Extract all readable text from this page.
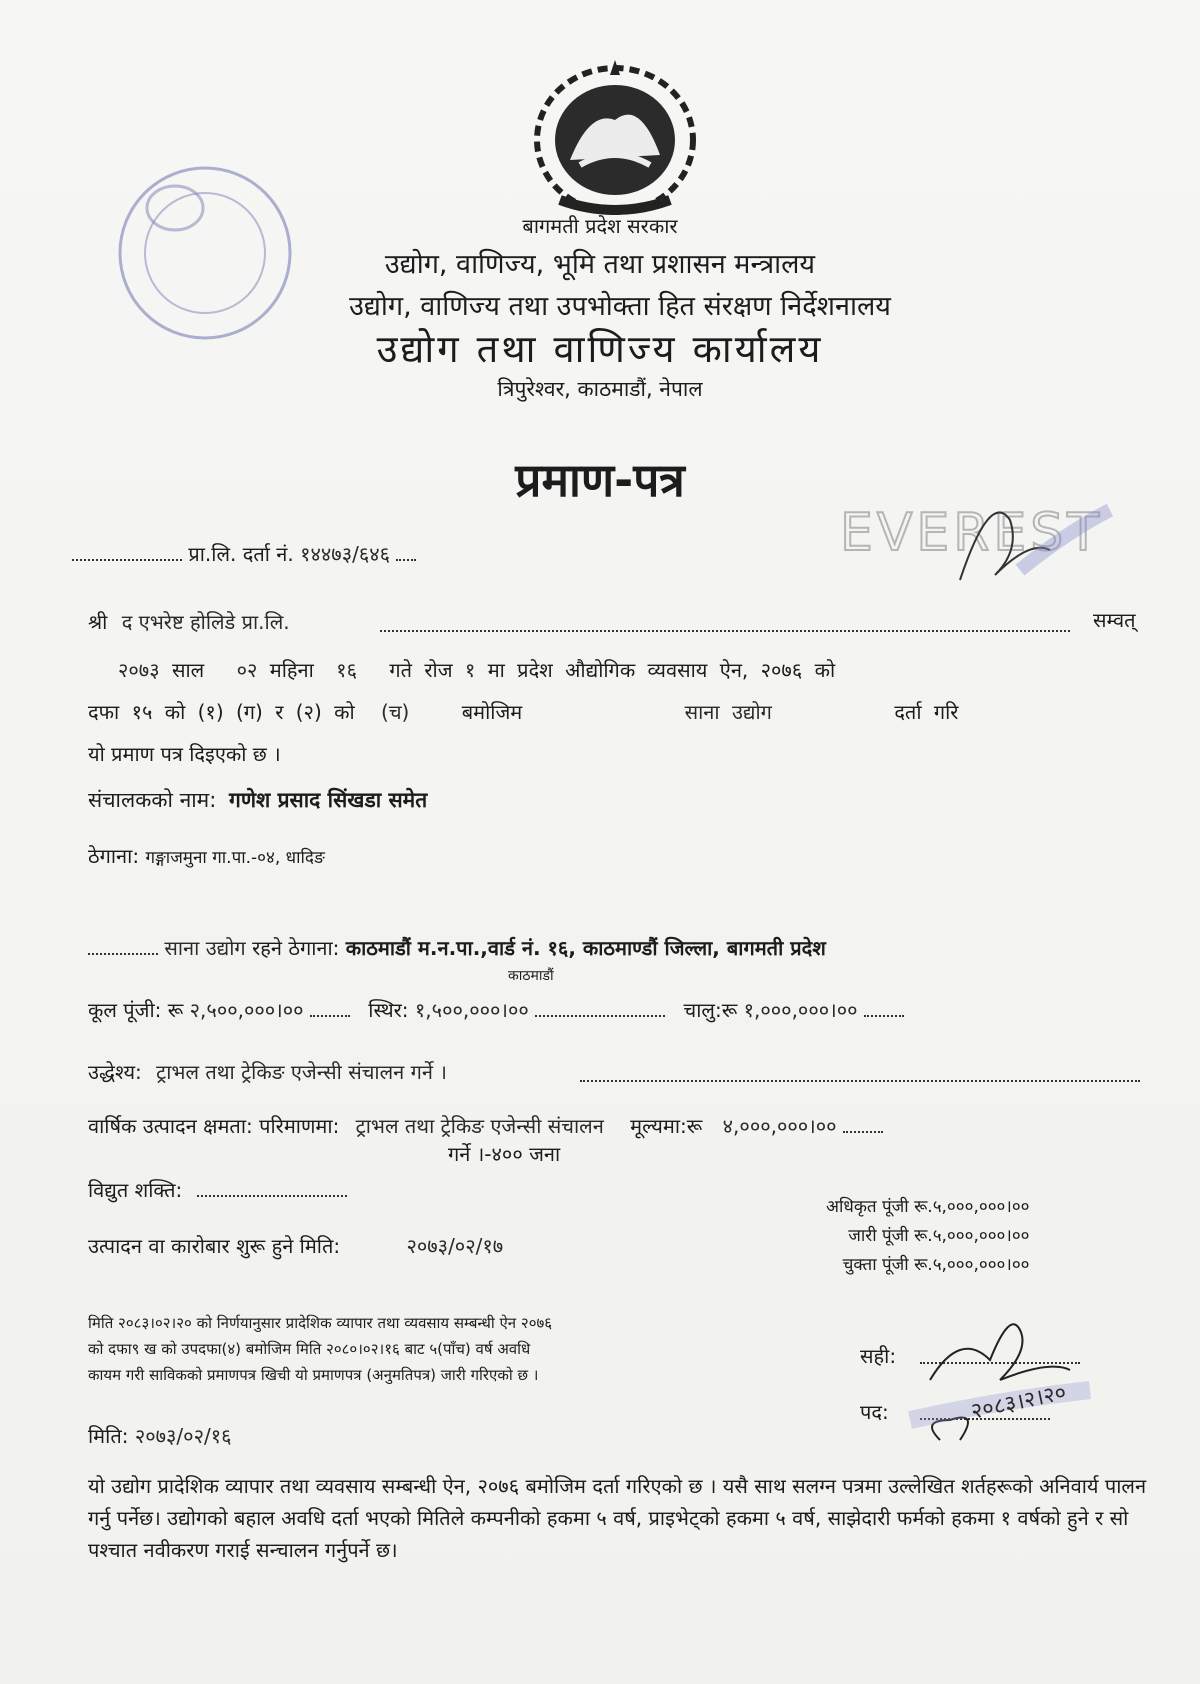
EVEREST
बागमती प्रदेश सरकार
उद्योग, वाणिज्य, भूमि तथा प्रशासन मन्त्रालय
उद्योग, वाणिज्य तथा उपभोक्ता हित संरक्षण निर्देशनालय
उद्योग तथा वाणिज्य कार्यालय
त्रिपुरेश्वर, काठमाडौं, नेपाल
प्रमाण-पत्र
प्रा.लि. दर्ता नं. १४४७३/६४६
श्री द एभरेष्ट होलिडे प्रा.लि.	सम्वत्
२०७३ साल ०२ महिना १६ गते रोज १ मा प्रदेश औद्योगिक व्यवसाय ऐन, २०७६ को
दफा १५ को (१) (ग) र (२) को (च)	बमोजिम	साना उद्योग	दर्ता गरि
यो प्रमाण पत्र दिइएको छ ।
संचालकको नाम: गणेश प्रसाद सिंखडा समेत
ठेगाना: गङ्गाजमुना गा.पा.-०४, धादिङ
साना उद्योग रहने ठेगाना: काठमाडौं म.न.पा.,वार्ड नं. १६, काठमाण्डौं जिल्ला, बागमती प्रदेश
काठमाडौं
कूल पूंजी: रू २,५००,०००।००	स्थिर: १,५००,०००।००	चालु:रू १,०००,०००।००
उद्धेश्य: ट्राभल तथा ट्रेकिङ एजेन्सी संचालन गर्ने ।
वार्षिक उत्पादन क्षमता: परिमाणमा: ट्राभल तथा ट्रेकिङ एजेन्सी संचालन मूल्यमा:रू ४,०००,०००।००
गर्ने ।-४०० जना
विद्युत शक्ति:
अधिकृत पूंजी रू.५,०००,०००।००
जारी पूंजी रू.५,०००,०००।००
चुक्ता पूंजी रू.५,०००,०००।००
उत्पादन वा कारोबार शुरू हुने मिति:	२०७३/०२/१७
मिति २०८३।०२।२० को निर्णयानुसार प्रादेशिक व्यापार तथा व्यवसाय सम्बन्धी ऐन २०७६
को दफा९ ख को उपदफा(४) बमोजिम मिति २०८०।०२।१६ बाट ५(पाँच) वर्ष अवधि
कायम गरी साविकको प्रमाणपत्र खिची यो प्रमाणपत्र (अनुमतिपत्र) जारी गरिएको छ ।
सही:
पद:	२०८३।२।२०
मिति: २०७३/०२/१६
यो उद्योग प्रादेशिक व्यापार तथा व्यवसाय सम्बन्धी ऐन, २०७६ बमोजिम दर्ता गरिएको छ । यसै साथ सलग्न पत्रमा उल्लेखित शर्तहरूको अनिवार्य पालन गर्नु पर्नेछ। उद्योगको बहाल अवधि दर्ता भएको मितिले कम्पनीको हकमा ५ वर्ष, प्राइभेट्को हकमा ५ वर्ष, साझेदारी फर्मको हकमा १ वर्षको हुने र सो पश्चात नवीकरण गराई सन्चालन गर्नुपर्ने छ।
